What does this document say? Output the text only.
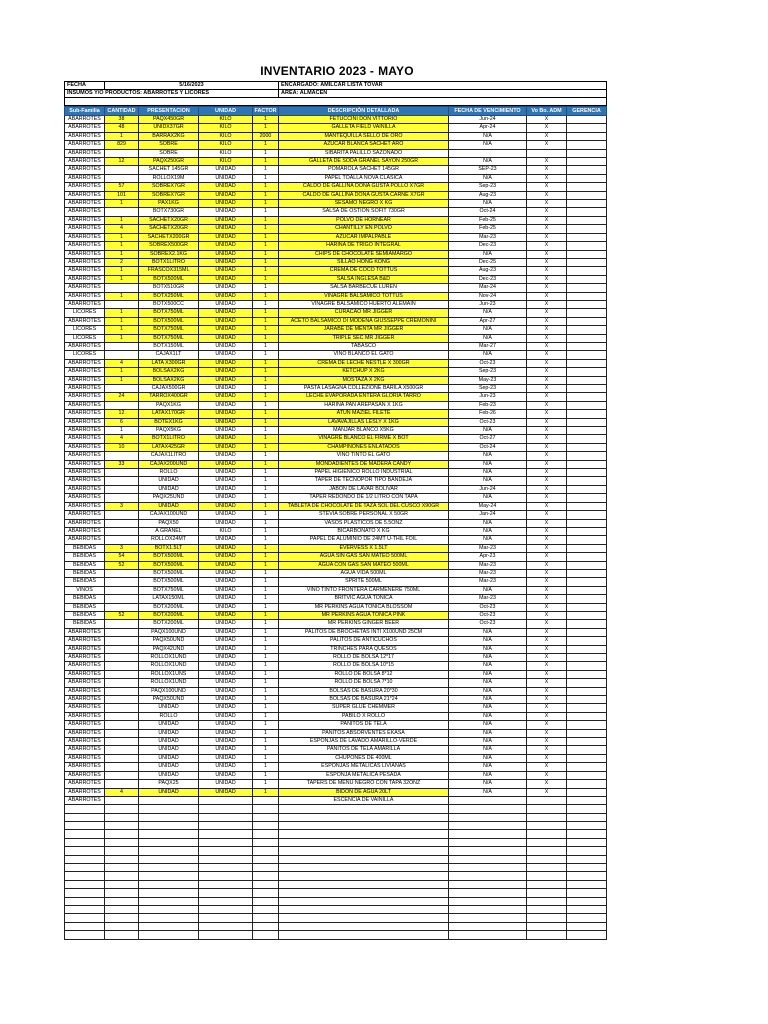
INVENTARIO 2023 - MAYO
FECHA	5/16/2023	ENCARGADO: AMILCAR LISTA TOVAR
INSUMOS Y/O PRODUCTOS: ABARROTES Y LICORES		ÁREA: ALMACEN

Sub-Familia	CANTIDAD	PRESENTACION	UNIDAD	FACTOR	DESCRIPCIÓN DETALLADA	FECHA DE VENCIMIENTO	Vo Bo. ADM	GERENCIA
ABARROTES	38	PAQX450GR	KILO	1	FETUCCINI DON VITTORIO	Jun-24	X	
ABARROTES	48	UNIDX37GR	KILO	1	GALLETA FIELD VAINILLA	Apr-24	X	
ABARROTES	1	BARRAX2KG	KILO	2000	MANTEQUILLA SELLO DE ORO	N/A	X	
ABARROTES	829	SOBRE	KILO	1	AZUCAR BLANCA SACHET ARO	N/A	X	
ABARROTES		SOBRE	KILO	1	SIBARITA PALILLO SAZONADO			
ABARROTES	12	PAQX250GR	KILO	1	GALLETA DE SODA GRANEL SAYON 250GR	N/A	X	
ABARROTES		SACHET 145GR	UNIDAD	1	POMAROLA SACHET 145GR	SEP-23	X	
ABARROTES		ROLLOX19M	UNIDAD	1	PAPEL TOALLA NOVA CLASICA	N/A	X	
ABARROTES	57	SOBREX7GR	UNIDAD	1	CALDO DE GALLINA DOÑA GUSTA POLLO X7GR	Sep-23	X	
ABARROTES	101	SOBREX7GR	UNIDAD	1	CALDO DE GALLINA DOÑA GUSTA CARNE X7GR	Aug-23	X	
ABARROTES	1	PAX1KG	UNIDAD	1	SESAMO NEGRO X KG	N/A	X	
ABARROTES		BOTX730GR	UNIDAD	1	SALSA DE OSTION SOFIT 730GR	Oct-24	X	
ABARROTES	1	SACHETX20GR	UNIDAD	1	POLVO DE HORNEAR	Feb-25	X	
ABARROTES	4	SACHETX20GR	UNIDAD	1	CHANTILLY EN POLVO	Feb-25	X	
ABARROTES	1	SACHETX200GR	UNIDAD	1	AZUCAR IMPALPABLE	Mar-23	X	
ABARROTES	1	SOBREX500GR	UNIDAD	1	HARINA DE TRIGO INTEGRAL	Dec-23	X	
ABARROTES	1	SOBREX2.1KG	UNIDAD	1	CHIPS DE CHOCOLATE SEMIAMARGO	N/A	X	
ABARROTES	2	BOTX1LITRO	UNIDAD	1	SILLAO HONG KONG	Dec-25	X	
ABARROTES	1	FRASCOX315ML	UNIDAD	1	CREMA DE COCO TOTTUS	Aug-23	X	
ABARROTES	1	BOTX500ML	UNIDAD	1	SALSA INGLESA B&D	Dec-23	X	
ABARROTES		BOTX510GR	UNIDAD	1	SALSA BARBECUE LUREN	Mar-24	X	
ABARROTES	1	BOTX250ML	UNIDAD	1	VINAGRE BALSAMICO TOTTUS	Nov-24	X	
ABARROTES		BOTX500CC	UNIDAD	1	VINAGRE BALSAMICO HUERTO ALEMAIN	Jun-23	X	
LICORES	1	BOTX750ML	UNIDAD	1	CURACAO MR JIGGER	N/A	X	
ABARROTES	1	BOTX500ML	UNIDAD	1	ACETO BALSAMICO DI MODENA GIUSSEPPE CREMONINI	Apr-27	X	
LICORES	1	BOTX750ML	UNIDAD	1	JARABE DE MENTA MR JIGGER	N/A	X	
LICORES	1	BOTX750ML	UNIDAD	1	TRIPLE SEC MR JIGGER	N/A	X	
ABARROTES		BOTX150ML	UNIDAD	1	TABASCO	Mar-27	X	
LICORES		CAJAX1LT	UNIDAD	1	VINO BLANCO EL GATO	N/A	X	
ABARROTES	4	LATA X300GR	UNIDAD	1	CREMA DE LECHE NESTLE X 300GR	Oct-23	X	
ABARROTES	1	BOLSAX2KG	UNIDAD	1	KETCHUP X 2KG	Sep-23	X	
ABARROTES	1	BOLSAX2KG	UNIDAD	1	MOSTAZA X 2KG	May-23	X	
ABARROTES		CAJAX500GR	UNIDAD	1	PASTA LASAGNA COLLEZIONE BARILA X500GR	Sep-23	X	
ABARROTES	24	TARROX400GR	UNIDAD	1	LECHE EVAPORADA ENTERA GLORIA TARRO	Jun-23	X	
ABARROTES		PAQX1KG	UNIDAD	1	HARINA PAN AREPASAN X 1KG	Feb-23	X	
ABARROTES	12	LATAX170GR	UNIDAD	1	ATUN MAZIEL FILETE	Feb-26	X	
ABARROTES	6	BOTEX1KG	UNIDAD	1	LAVAVAJILLAS LESLY X 1KG	Oct-23	X	
ABARROTES	1	PAQX5KG	UNIDAD	1	MANJAR BLANCO X5KG	N/A	X	
ABARROTES	4	BOTX1LITRO	UNIDAD	1	VINAGRE BLANCO EL FIRME X BOT	Oct-27	X	
ABARROTES	10	LATAX425GR	UNIDAD	1	CHAMPIÑONES ENLATADOS	Oct-24	X	
ABARROTES		CAJAX1LITRO	UNIDAD	1	VINO TINTO EL GATO	N/A	X	
ABARROTES	33	CAJAX200UND	UNIDAD	1	MONDADIENTES DE MADERA CANDY	N/A	X	
ABARROTES		ROLLO	UNIDAD	1	PAPEL HIGIENICO ROLLO INDUSTRIAL	N/A	X	
ABARROTES		UNIDAD	UNIDAD	1	TAPER DE TECNOPOR TIPO BANDEJA	N/A	X	
ABARROTES		UNIDAD	UNIDAD	1	JABON DE LAVAR BOLIVAR	Jun-24	X	
ABARROTES		PAQX25UND	UNIDAD	1	TAPER REDONDO DE 1/2 LITRO CON TAPA	N/A	X	
ABARROTES	3	UNIDAD	UNIDAD	1	TABLETA DE CHOCOLATE DE TAZA SOL DEL CUSCO X90GR	May-24	X	
ABARROTES		CAJAX100UND	UNIDAD	1	STEVIA SOBRE PERSONAL X 50GR	Jan-24	X	
ABARROTES		PAQX50	UNIDAD	1	VASOS PLASTICOS DE 5.5ONZ	N/A	X	
ABARROTES		A GRANEL	KILO	1	BICARBONATO X KG	N/A	X	
ABARROTES		ROLLOX24MT	UNIDAD	1	PAPEL DE ALUMINIO DE 24MT U-THIL FOIL	N/A	X	
BEBIDAS	3	BOTX1.5LT	UNIDAD	1	EVERVESS X 1.5LT	Mar-23	X	
BEBIDAS	54	BOTX500ML	UNIDAD	1	AGUA SIN GAS SAN MATEO 500ML	Apr-23	X	
BEBIDAS	52	BOTX500ML	UNIDAD	1	AGUA CON GAS SAN MATEO 500ML	Mar-23	X	
BEBIDAS		BOTX500ML	UNIDAD	1	AGUA VIDA 500ML	Mar-23	X	
BEBIDAS		BOTX500ML	UNIDAD	1	SPRITE 500ML	Mar-23	X	
VINOS		BOTX750ML	UNIDAD	1	VINO TINTO FRONTERA CARMENERE 750ML	N/A	X	
BEBIDAS		LATAX150ML	UNIDAD	1	BRITVIC AGUA TONICA	Mar-23	X	
BEBIDAS		BOTX200ML	UNIDAD	1	MR PERKINS AGUA TONICA BLOSSOM	Oct-23	X	
BEBIDAS	52	BOTX200ML	UNIDAD	1	MR PERKINS AGUA TONICA PINK	Oct-23	X	
BEBIDAS		BOTX200ML	UNIDAD	1	MR PERKINS GINGER BEER	Oct-23	X	
ABARROTES		PAQX100UND	UNIDAD	1	PALITOS DE BROCHETAS INTI X100UND 25CM	N/A	X	
ABARROTES		PAQX50UND	UNIDAD	1	PALITOS DE ANTICUCHOS	N/A	X	
ABARROTES		PAQX42UND	UNIDAD	1	TRINCHES PARA QUESOS	N/A	X	
ABARROTES		ROLLOX1UND	UNIDAD	1	ROLLO DE BOLSA 12*17	N/A	X	
ABARROTES		ROLLOX1UND	UNIDAD	1	ROLLO DE BOLSA 10*15	N/A	X	
ABARROTES		ROLLOX1UNS	UNIDAD	1	ROLLO DE BOLSA 8*12	N/A	X	
ABARROTES		ROLLOX1UND	UNIDAD	1	ROLLO DE BOLSA 7*10	N/A	X	
ABARROTES		PAQX100UND	UNIDAD	1	BOLSAS DE BASURA 20*30	N/A	X	
ABARROTES		PAQX50UND	UNIDAD	1	BOLSAS DE BASURA 21*24	N/A	X	
ABARROTES		UNIDAD	UNIDAD	1	SUPER GLUE CHEMMER	N/A	X	
ABARROTES		ROLLO	UNIDAD	1	PABILO X ROLLO	N/A	X	
ABARROTES		UNIDAD	UNIDAD	1	PAÑITOS DE TELA	N/A	X	
ABARROTES		UNIDAD	UNIDAD	1	PAÑITOS ABSORVENTES EKASA	N/A	X	
ABARROTES		UNIDAD	UNIDAD	1	ESPONJAS DE LAVADO AMARILLO-VERDE	N/A	X	
ABARROTES		UNIDAD	UNIDAD	1	PAÑITOS DE TELA AMARILLA	N/A	X	
ABARROTES		UNIDAD	UNIDAD	1	CHUPONES DE 400ML	N/A	X	
ABARROTES		UNIDAD	UNIDAD	1	ESPONJAS METALICAS LIVIANAS	N/A	X	
ABARROTES		UNIDAD	UNIDAD	1	ESPONJA METALICA PESADA	N/A	X	
ABARROTES		PAQX25	UNIDAD	1	TAPERS DE MENU NEGRO CON TAPA 32ONZ	N/A	X	
ABARROTES	4	UNIDAD	UNIDAD	1	BIDON DE AGUA 20LT	N/A	X	
ABARROTES					ESCENCIA DE VAINILLA			
